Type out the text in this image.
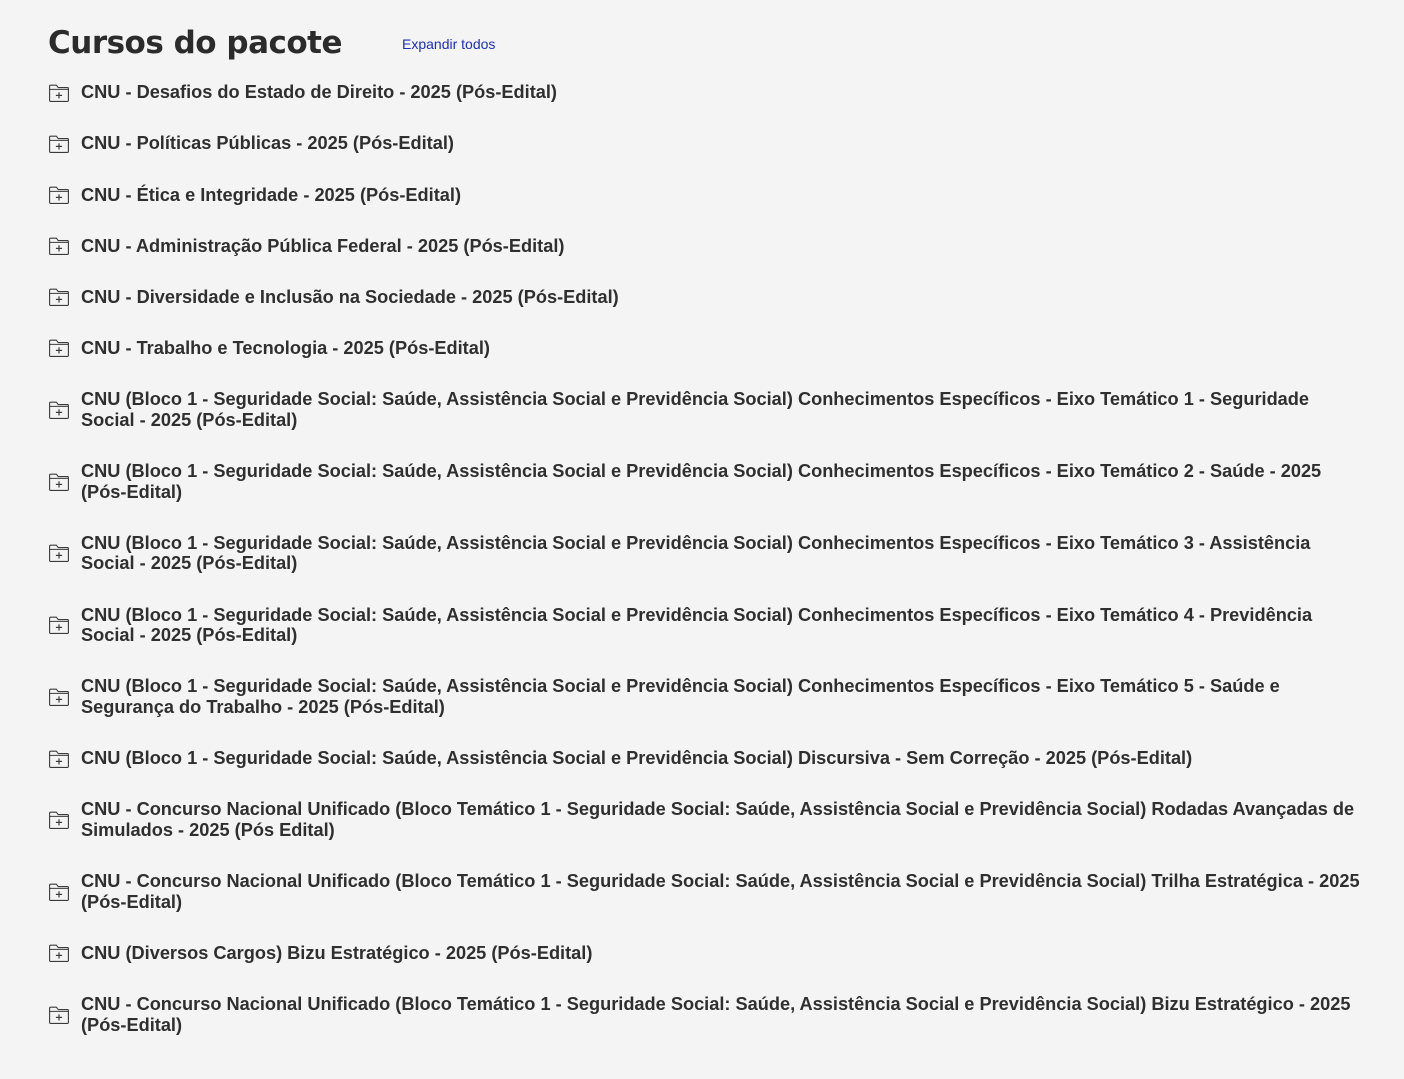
Cursos do pacote	Expandir todos
CNU - Desafios do Estado de Direito - 2025 (Pós-Edital)
CNU - Políticas Públicas - 2025 (Pós-Edital)
CNU - Ética e Integridade - 2025 (Pós-Edital)
CNU - Administração Pública Federal - 2025 (Pós-Edital)
CNU - Diversidade e Inclusão na Sociedade - 2025 (Pós-Edital)
CNU - Trabalho e Tecnologia - 2025 (Pós-Edital)
CNU (Bloco 1 - Seguridade Social: Saúde, Assistência Social e Previdência Social) Conhecimentos Específicos - Eixo Temático 1 - Seguridade Social - 2025 (Pós-Edital)
CNU (Bloco 1 - Seguridade Social: Saúde, Assistência Social e Previdência Social) Conhecimentos Específicos - Eixo Temático 2 - Saúde - 2025 (Pós-Edital)
CNU (Bloco 1 - Seguridade Social: Saúde, Assistência Social e Previdência Social) Conhecimentos Específicos - Eixo Temático 3 - Assistência Social - 2025 (Pós-Edital)
CNU (Bloco 1 - Seguridade Social: Saúde, Assistência Social e Previdência Social) Conhecimentos Específicos - Eixo Temático 4 - Previdência Social - 2025 (Pós-Edital)
CNU (Bloco 1 - Seguridade Social: Saúde, Assistência Social e Previdência Social) Conhecimentos Específicos - Eixo Temático 5 - Saúde e Segurança do Trabalho - 2025 (Pós-Edital)
CNU (Bloco 1 - Seguridade Social: Saúde, Assistência Social e Previdência Social) Discursiva - Sem Correção - 2025 (Pós-Edital)
CNU - Concurso Nacional Unificado (Bloco Temático 1 - Seguridade Social: Saúde, Assistência Social e Previdência Social) Rodadas Avançadas de Simulados - 2025 (Pós Edital)
CNU - Concurso Nacional Unificado (Bloco Temático 1 - Seguridade Social: Saúde, Assistência Social e Previdência Social) Trilha Estratégica - 2025 (Pós-Edital)
CNU (Diversos Cargos) Bizu Estratégico - 2025 (Pós-Edital)
CNU - Concurso Nacional Unificado (Bloco Temático 1 - Seguridade Social: Saúde, Assistência Social e Previdência Social) Bizu Estratégico - 2025 (Pós-Edital)
